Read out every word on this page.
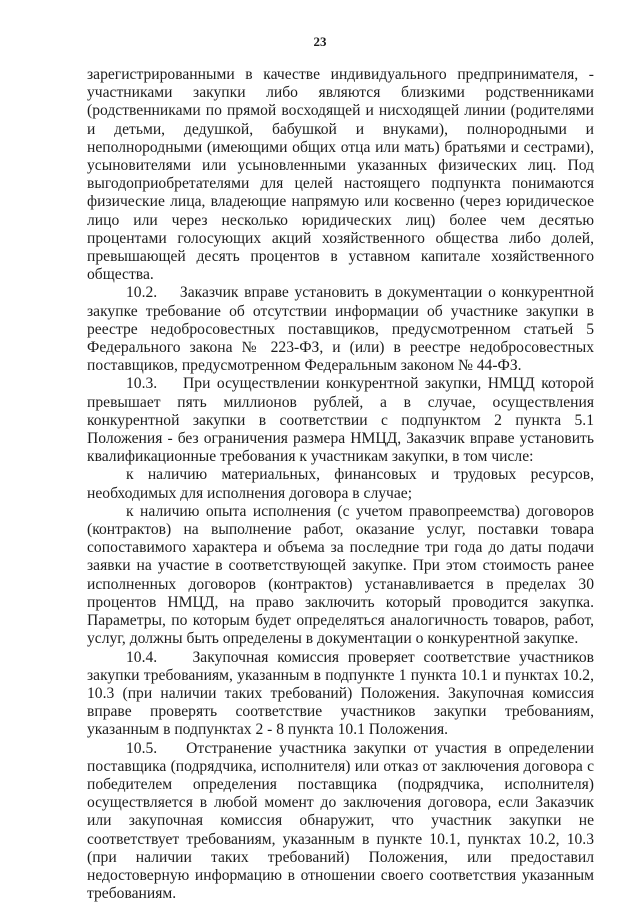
23

зарегистрированными в качестве индивидуального предпринимателя, - участниками закупки либо являются близкими родственниками (родственниками по прямой восходящей и нисходящей линии (родителями и детьми, дедушкой, бабушкой и внуками), полнородными и неполнородными (имеющими общих отца или мать) братьями и сестрами), усыновителями или усыновленными указанных физических лиц. Под выгодоприобретателями для целей настоящего подпункта понимаются физические лица, владеющие напрямую или косвенно (через юридическое лицо или через несколько юридических лиц) более чем десятью процентами голосующих акций хозяйственного общества либо долей, превышающей десять процентов в уставном капитале хозяйственного общества.

10.2.    Заказчик вправе установить в документации о конкурентной закупке требование об отсутствии информации об участнике закупки в реестре недобросовестных поставщиков, предусмотренном статьей 5 Федерального закона № 223-ФЗ, и (или) в реестре недобросовестных поставщиков, предусмотренном Федеральным законом № 44-ФЗ.

10.3.    При осуществлении конкурентной закупки, НМЦД которой превышает пять миллионов рублей, а в случае, осуществления конкурентной закупки в соответствии с подпунктом 2 пункта 5.1 Положения - без ограничения размера НМЦД, Заказчик вправе установить квалификационные требования к участникам закупки, в том числе:

к наличию материальных, финансовых и трудовых ресурсов, необходимых для исполнения договора в случае;

к наличию опыта исполнения (с учетом правопреемства) договоров (контрактов) на выполнение работ, оказание услуг, поставки товара сопоставимого характера и объема за последние три года до даты подачи заявки на участие в соответствующей закупке. При этом стоимость ранее исполненных договоров (контрактов) устанавливается в пределах 30 процентов НМЦД, на право заключить который проводится закупка. Параметры, по которым будет определяться аналогичность товаров, работ, услуг, должны быть определены в документации о конкурентной закупке.

10.4.    Закупочная комиссия проверяет соответствие участников закупки требованиям, указанным в подпункте 1 пункта 10.1 и пунктах 10.2, 10.3 (при наличии таких требований) Положения. Закупочная комиссия вправе проверять соответствие участников закупки требованиям, указанным в подпунктах 2 - 8 пункта 10.1 Положения.

10.5.    Отстранение участника закупки от участия в определении поставщика (подрядчика, исполнителя) или отказ от заключения договора с победителем определения поставщика (подрядчика, исполнителя) осуществляется в любой момент до заключения договора, если Заказчик или закупочная комиссия обнаружит, что участник закупки не соответствует требованиям, указанным в пункте 10.1, пунктах 10.2, 10.3 (при наличии таких требований) Положения, или предоставил недостоверную информацию в отношении своего соответствия указанным требованиям.
